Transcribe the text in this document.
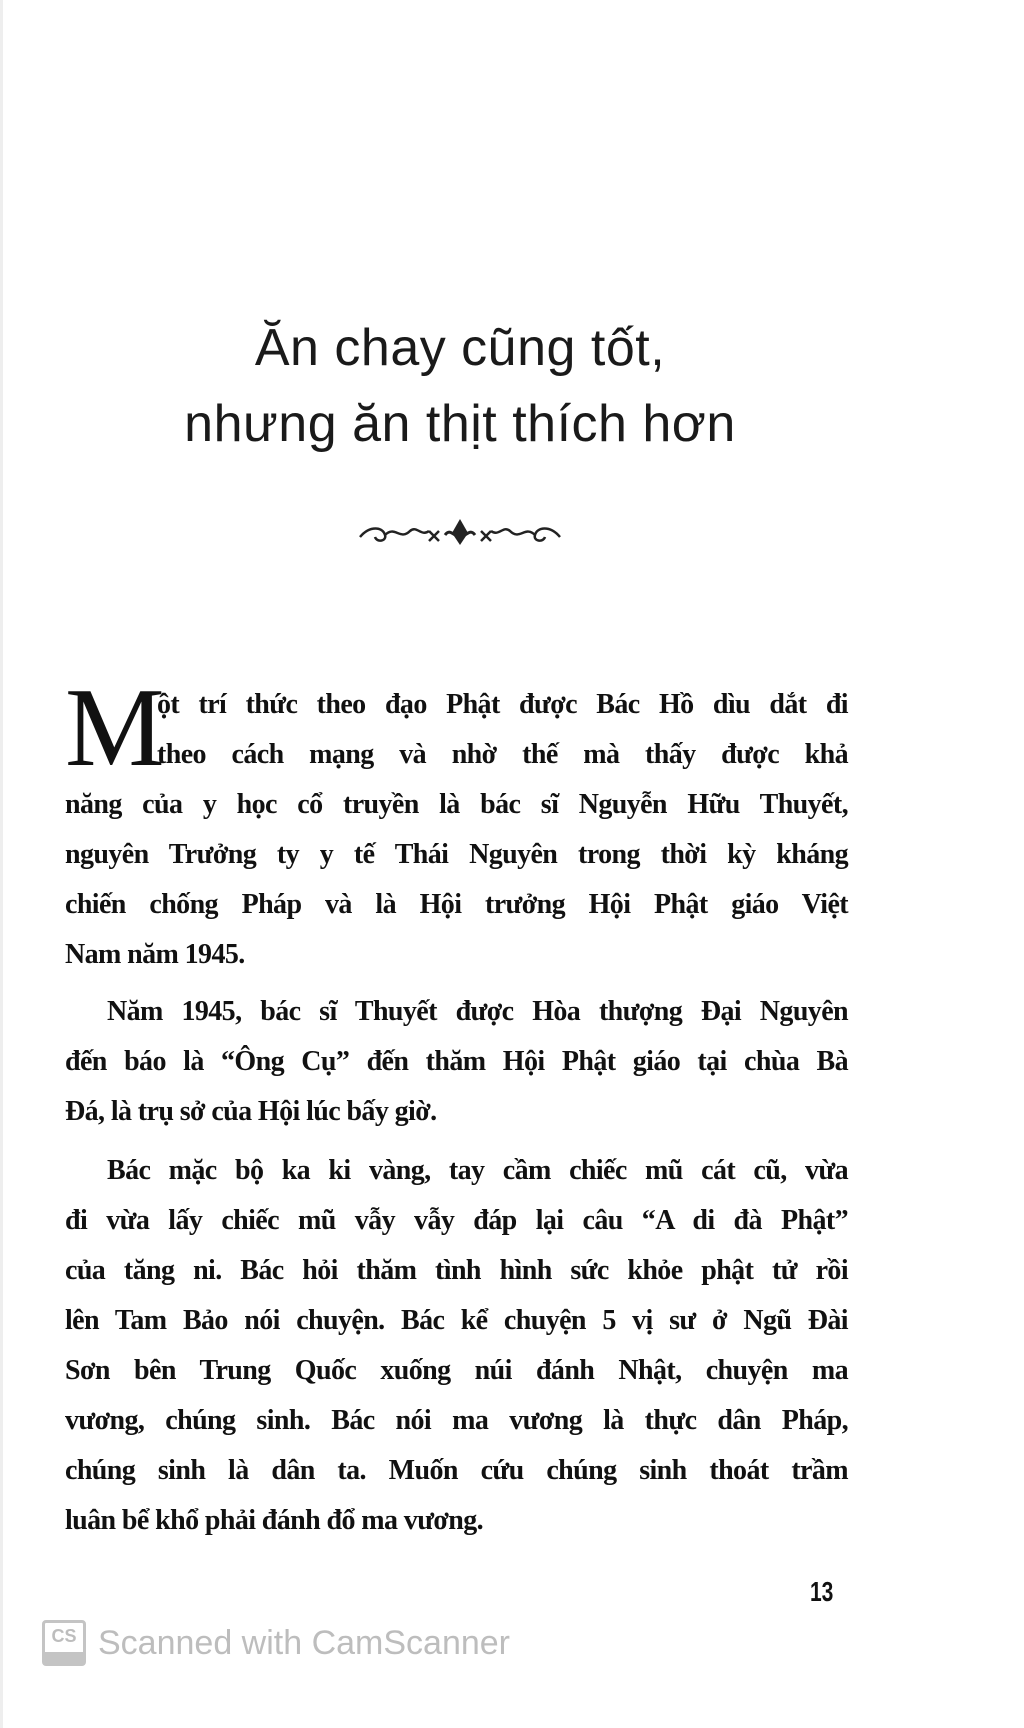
Ăn chay cũng tốt,
nhưng ăn thịt thích hơn
M
ột trí thức theo đạo Phật được Bác Hồ dìu dắt đi
theo cách mạng và nhờ thế mà thấy được khả
năng của y học cổ truyền là bác sĩ Nguyễn Hữu Thuyết,
nguyên Trưởng ty y tế Thái Nguyên trong thời kỳ kháng
chiến chống Pháp và là Hội trưởng Hội Phật giáo Việt
Nam năm 1945.
Năm 1945, bác sĩ Thuyết được Hòa thượng Đại Nguyên
đến báo là “Ông Cụ” đến thăm Hội Phật giáo tại chùa Bà
Đá, là trụ sở của Hội lúc bấy giờ.
Bác mặc bộ ka ki vàng, tay cầm chiếc mũ cát cũ, vừa
đi vừa lấy chiếc mũ vẫy vẫy đáp lại câu “A di đà Phật”
của tăng ni. Bác hỏi thăm tình hình sức khỏe phật tử rồi
lên Tam Bảo nói chuyện. Bác kể chuyện 5 vị sư ở Ngũ Đài
Sơn bên Trung Quốc xuống núi đánh Nhật, chuyện ma
vương, chúng sinh. Bác nói ma vương là thực dân Pháp,
chúng sinh là dân ta. Muốn cứu chúng sinh thoát trầm
luân bể khổ phải đánh đổ ma vương.
13
CS Scanned with CamScanner
